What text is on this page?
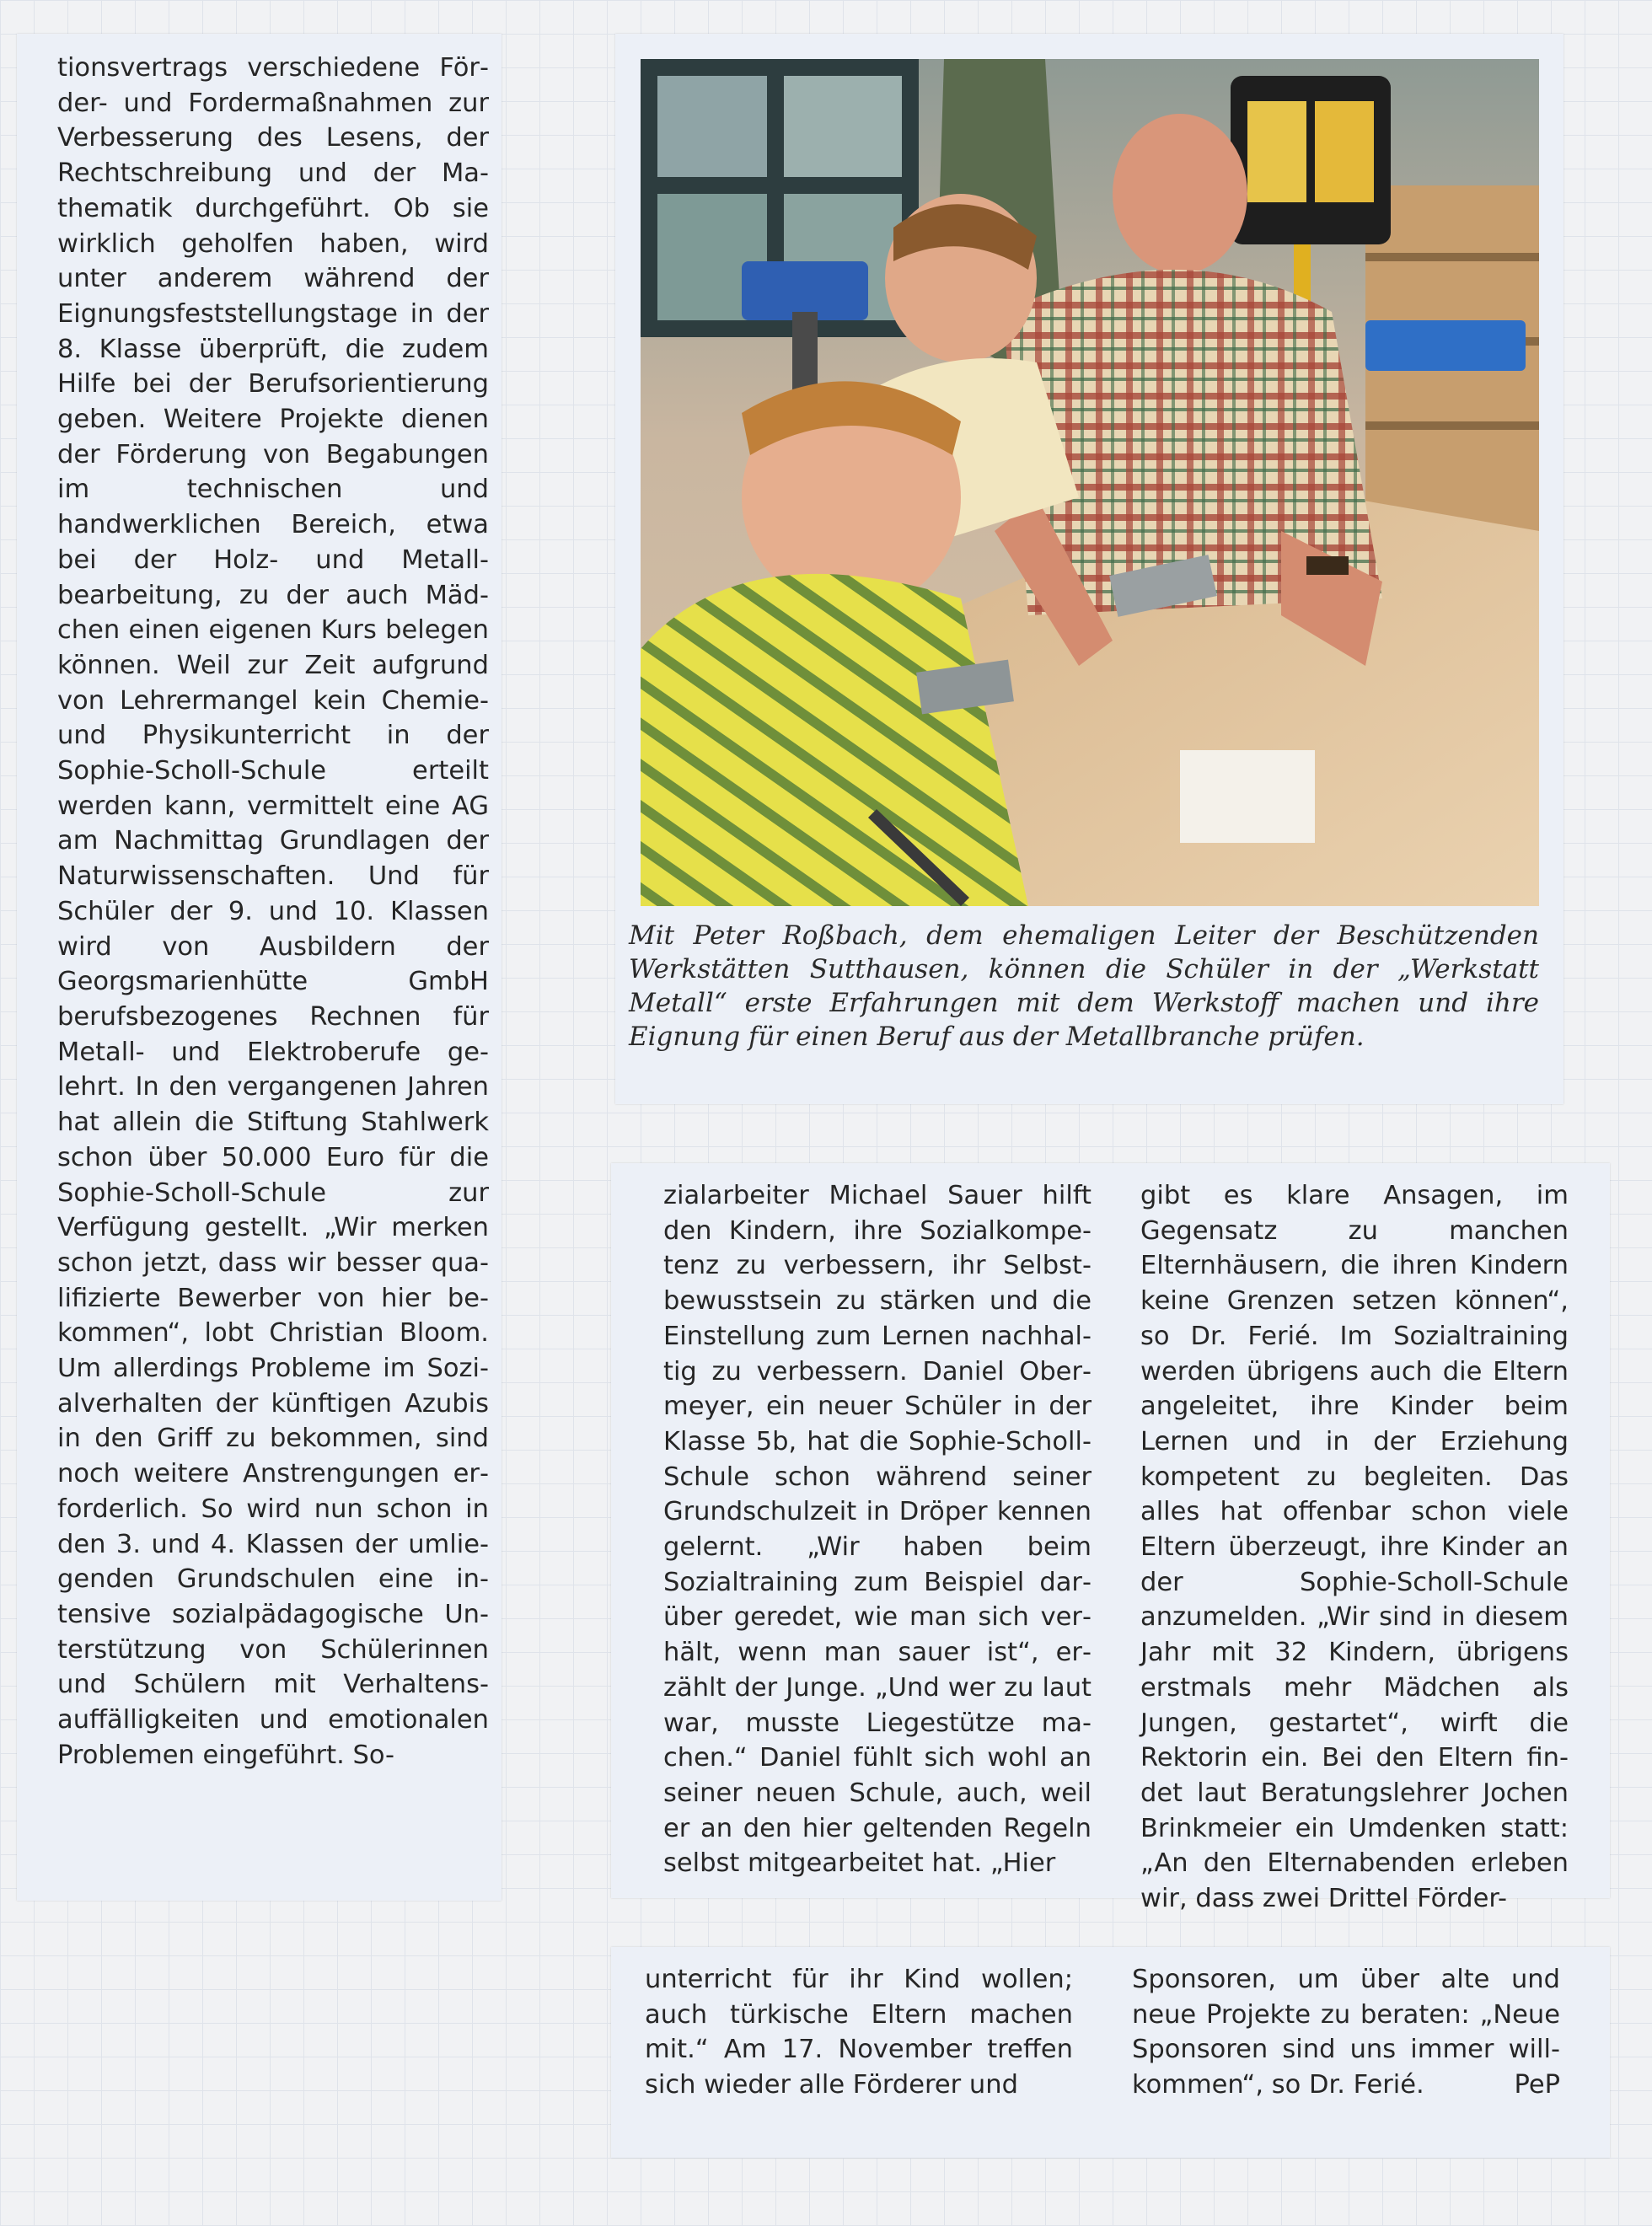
tionsvertrags verschiedene Förder- und Fordermaßnahmen zur Verbesserung des Lesens, der Rechtschreibung und der Mathematik durchgeführt. Ob sie wirklich geholfen haben, wird unter anderem während der Eignungsfeststellungstage in der 8. Klasse überprüft, die zudem Hilfe bei der Berufsorientierung geben. Weitere Projekte dienen der Förderung von Begabungen im technischen und handwerklichen Bereich, etwa bei der Holz- und Metallbearbeitung, zu der auch Mädchen einen eigenen Kurs belegen können. Weil zur Zeit aufgrund von Lehrermangel kein Chemie- und Physikunterricht in der Sophie-Scholl-Schule erteilt werden kann, vermittelt eine AG am Nachmittag Grundlagen der Naturwissenschaften. Und für Schüler der 9. und 10. Klassen wird von Ausbildern der Georgsmarienhütte GmbH berufsbezogenes Rechnen für Metall- und Elektroberufe gelehrt. In den vergangenen Jahren hat allein die Stiftung Stahlwerk schon über 50.000 Euro für die Sophie-Scholl-Schule zur Verfügung gestellt. „Wir merken schon jetzt, dass wir besser qualifizierte Bewerber von hier bekommen“, lobt Christian Bloom. Um allerdings Probleme im Sozialverhalten der künftigen Azubis in den Griff zu bekommen, sind noch weitere Anstrengungen erforderlich. So wird nun schon in den 3. und 4. Klassen der umliegenden Grundschulen eine intensive sozialpädagogische Unterstützung von Schülerinnen und Schülern mit Verhaltensauffälligkeiten und emotionalen Problemen eingeführt. So-

Mit Peter Roßbach, dem ehemaligen Leiter der Beschützenden Werkstätten Sutthausen, können die Schüler in der „Werkstatt Metall“ erste Erfahrungen mit dem Werkstoff machen und ihre Eignung für einen Beruf aus der Metallbranche prüfen.

zialarbeiter Michael Sauer hilft den Kindern, ihre Sozialkompetenz zu verbessern, ihr Selbstbewusstsein zu stärken und die Einstellung zum Lernen nachhaltig zu verbessern. Daniel Obermeyer, ein neuer Schüler in der Klasse 5b, hat die Sophie-Scholl-Schule schon während seiner Grundschulzeit in Dröper kennen gelernt. „Wir haben beim Sozialtraining zum Beispiel darüber geredet, wie man sich verhält, wenn man sauer ist“, erzählt der Junge. „Und wer zu laut war, musste Liegestütze machen.“ Daniel fühlt sich wohl an seiner neuen Schule, auch, weil er an den hier geltenden Regeln selbst mitgearbeitet hat. „Hier

gibt es klare Ansagen, im Gegensatz zu manchen Elternhäusern, die ihren Kindern keine Grenzen setzen können“, so Dr. Ferié. Im Sozialtraining werden übrigens auch die Eltern angeleitet, ihre Kinder beim Lernen und in der Erziehung kompetent zu begleiten. Das alles hat offenbar schon viele Eltern überzeugt, ihre Kinder an der Sophie-Scholl-Schule anzumelden. „Wir sind in diesem Jahr mit 32 Kindern, übrigens erstmals mehr Mädchen als Jungen, gestartet“, wirft die Rektorin ein. Bei den Eltern findet laut Beratungslehrer Jochen Brinkmeier ein Umdenken statt: „An den Elternabenden erleben wir, dass zwei Drittel Förder-

unterricht für ihr Kind wollen; auch türkische Eltern machen mit.“ Am 17. November treffen sich wieder alle Förderer und

Sponsoren, um über alte und neue Projekte zu beraten: „Neue Sponsoren sind uns immer willkommen“, so Dr. Ferié.	PeP
